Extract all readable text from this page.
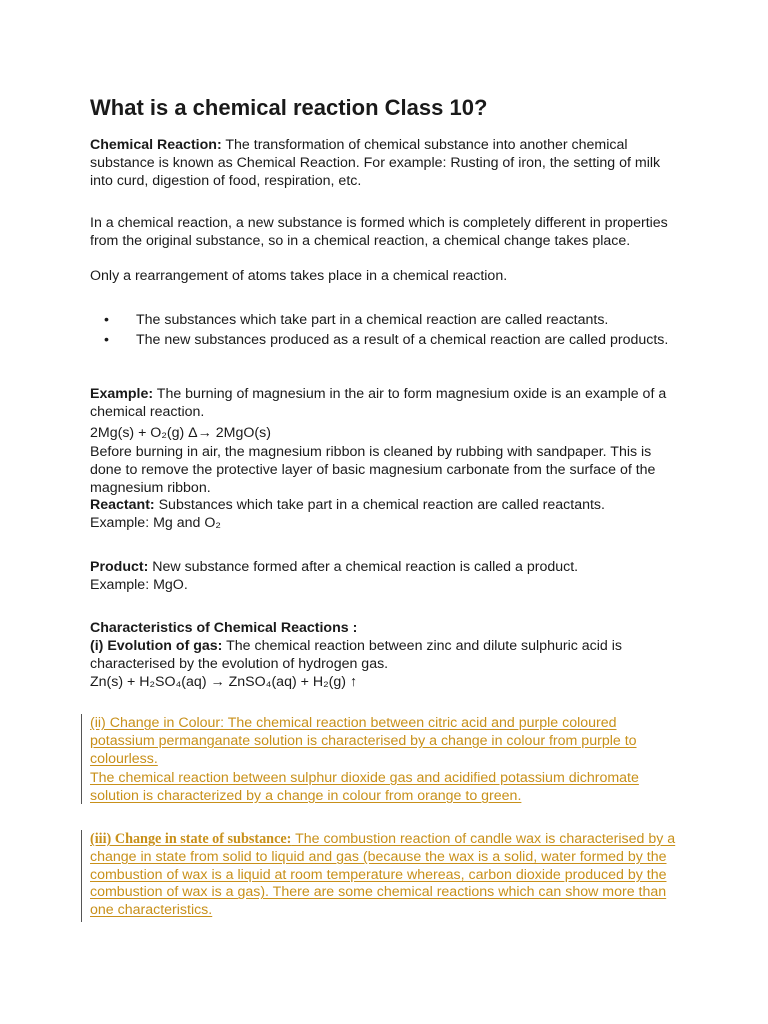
What is a chemical reaction Class 10?

Chemical Reaction: The transformation of chemical substance into another chemical substance is known as Chemical Reaction. For example: Rusting of iron, the setting of milk into curd, digestion of food, respiration, etc.

In a chemical reaction, a new substance is formed which is completely different in properties from the original substance, so in a chemical reaction, a chemical change takes place.

Only a rearrangement of atoms takes place in a chemical reaction.

• The substances which take part in a chemical reaction are called reactants.
• The new substances produced as a result of a chemical reaction are called products.

Example: The burning of magnesium in the air to form magnesium oxide is an example of a chemical reaction.

2Mg(s) + O₂(g) Δ→ 2MgO(s)

Before burning in air, the magnesium ribbon is cleaned by rubbing with sandpaper. This is done to remove the protective layer of basic magnesium carbonate from the surface of the magnesium ribbon.

Reactant: Substances which take part in a chemical reaction are called reactants.

Example: Mg and O₂

Product: New substance formed after a chemical reaction is called a product.

Example: MgO.

Characteristics of Chemical Reactions :

(i) Evolution of gas: The chemical reaction between zinc and dilute sulphuric acid is characterised by the evolution of hydrogen gas.

Zn(s) + H₂SO₄(aq) → ZnSO₄(aq) + H₂(g) ↑

(ii) Change in Colour: The chemical reaction between citric acid and purple coloured potassium permanganate solution is characterised by a change in colour from purple to colourless.

The chemical reaction between sulphur dioxide gas and acidified potassium dichromate solution is characterized by a change in colour from orange to green.

(iii) Change in state of substance: The combustion reaction of candle wax is characterised by a change in state from solid to liquid and gas (because the wax is a solid, water formed by the combustion of wax is a liquid at room temperature whereas, carbon dioxide produced by the combustion of wax is a gas). There are some chemical reactions which can show more than one characteristics.
